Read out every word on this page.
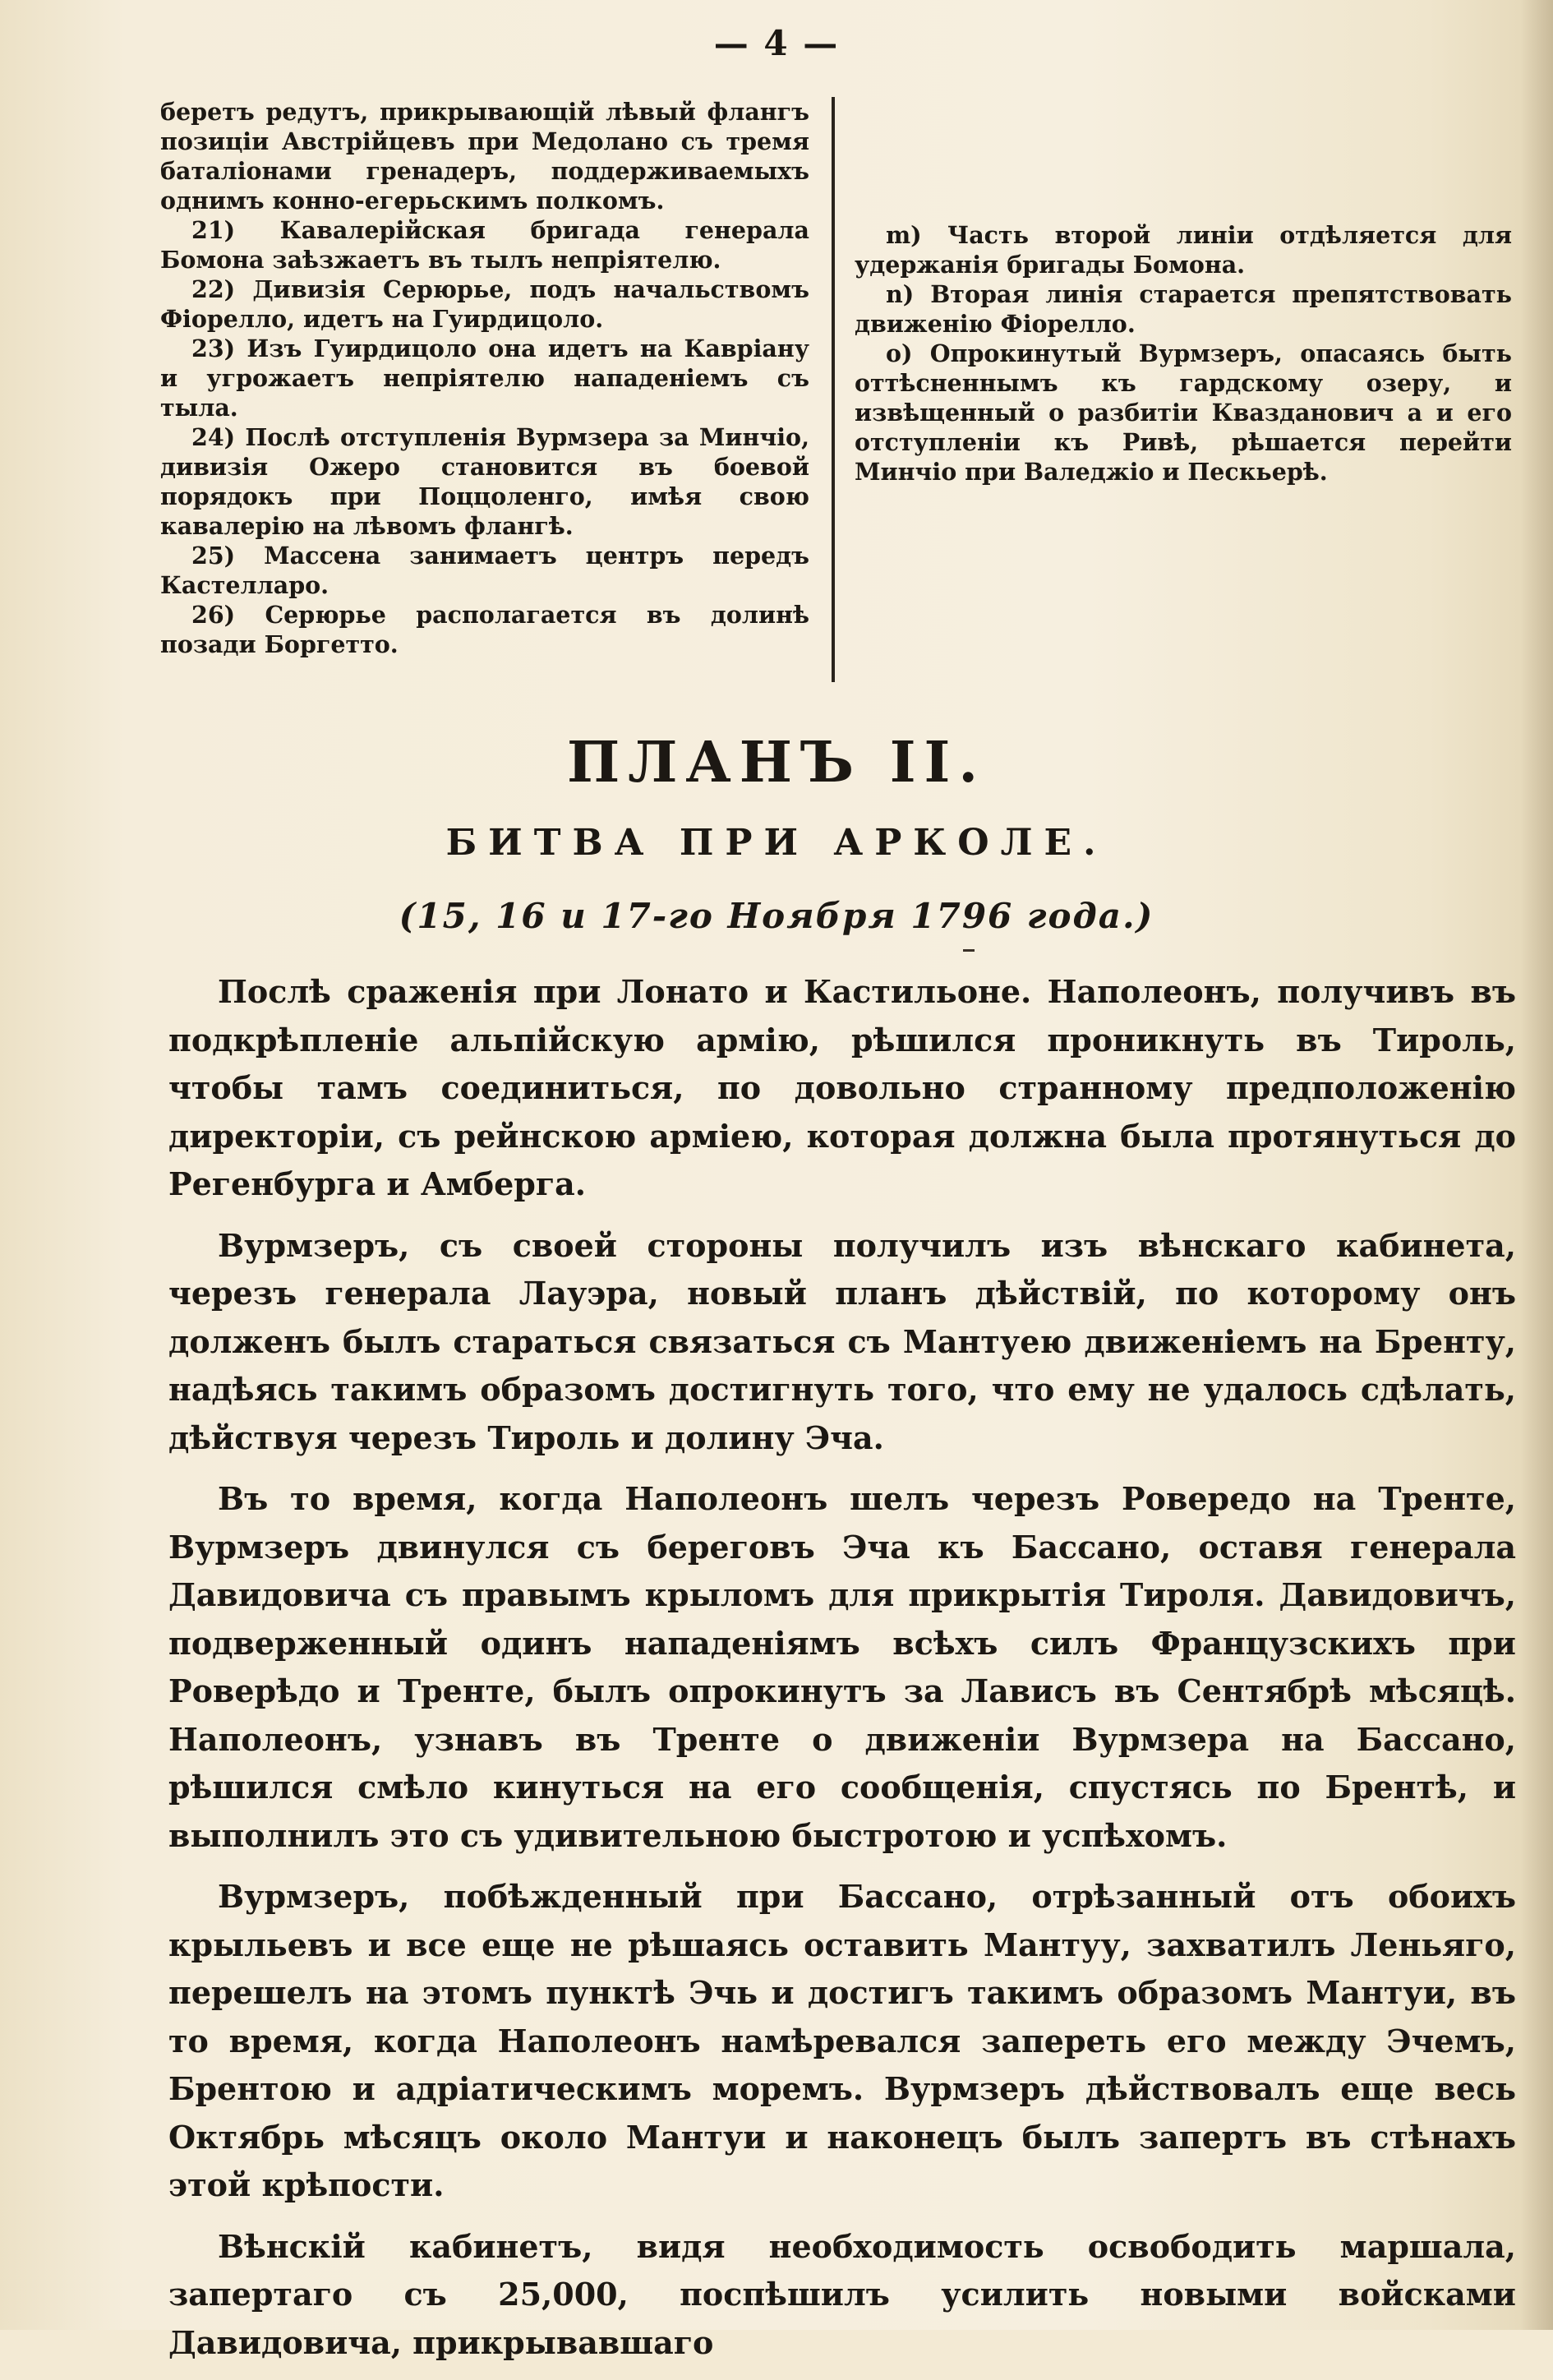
— 4 —

беретъ редутъ, прикрывающій лѣвый флангъ позиціи Австрійцевъ при Медолано съ тремя баталіонами гренадеръ, поддерживаемыхъ однимъ конно-егерьскимъ полкомъ.

21) Кавалерійская бригада генерала Бомона заѣзжаетъ въ тылъ непріятелю.

22) Дивизія Серюрье, подъ начальствомъ Фіорелло, идетъ на Гуирдицоло.

23) Изъ Гуирдицоло она идетъ на Каврiану и угрожаетъ непріятелю нападеніемъ съ тыла.

24) Послѣ отступленія Вурмзера за Минчіо, дивизія Ожеро становится въ боевой порядокъ при Поццоленго, имѣя свою кавалерію на лѣвомъ флангѣ.

25) Массена занимаетъ центръ передъ Кастелларо.

26) Серюрье располагается въ долинѣ позади Боргетто.

m) Часть второй линіи отдѣляется для удержанія бригады Бомона.

n) Вторая линія старается препятствовать движенію Фіорелло.

o) Опрокинутый Вурмзеръ, опасаясь быть оттѣсненнымъ къ гардскому озеру, и извѣщенный о разбитіи Квазданович а и его отступленіи къ Ривѣ, рѣшается перейти Минчіо при Валеджіо и Пескьерѣ.

ПЛАНЪ II.
БИТВА ПРИ АРКОЛЕ.
(15, 16 и 17-го Ноября 1796 года.)

Послѣ сраженія при Лонато и Кастильоне. Наполеонъ, получивъ въ подкрѣпленіе альпійскую армію, рѣшился проникнуть въ Тироль, чтобы тамъ соединиться, по довольно странному предположенію директоріи, съ рейнскою арміею, которая должна была протянуться до Регенбурга и Амберга.

Вурмзеръ, съ своей стороны получилъ изъ вѣнскаго кабинета, черезъ генерала Лауэра, новый планъ дѣйствій, по которому онъ долженъ былъ стараться связаться съ Мантуею движеніемъ на Бренту, надѣясь такимъ образомъ достигнуть того, что ему не удалось сдѣлать, дѣйствуя черезъ Тироль и долину Эча.

Въ то время, когда Наполеонъ шелъ черезъ Ровередо на Тренте, Вурмзеръ двинулся съ береговъ Эча къ Бассано, оставя генерала Давидовича съ правымъ крыломъ для прикрытія Тироля. Давидовичъ, подверженный одинъ нападеніямъ всѣхъ силъ Французскихъ при Роверѣдо и Тренте, былъ опрокинутъ за Лависъ въ Сентябрѣ мѣсяцѣ. Наполеонъ, узнавъ въ Тренте о движеніи Вурмзера на Бассано, рѣшился смѣло кинуться на его сообщенія, спустясь по Брентѣ, и выполнилъ это съ удивительною быстротою и успѣхомъ.

Вурмзеръ, побѣжденный при Бассано, отрѣзанный отъ обоихъ крыльевъ и все еще не рѣшаясь оставить Мантуу, захватилъ Леньяго, перешелъ на этомъ пунктѣ Эчь и достигъ такимъ образомъ Мантуи, въ то время, когда Наполеонъ намѣревался запереть его между Эчемъ, Брентою и адріатическимъ моремъ. Вурмзеръ дѣйствовалъ еще весь Октябрь мѣсяцъ около Мантуи и наконецъ былъ запертъ въ стѣнахъ этой крѣпости.

Вѣнскій кабинетъ, видя необходимость освободить маршала, запертаго съ 25,000, поспѣшилъ усилить новыми войсками Давидовича, прикрывавшаго
